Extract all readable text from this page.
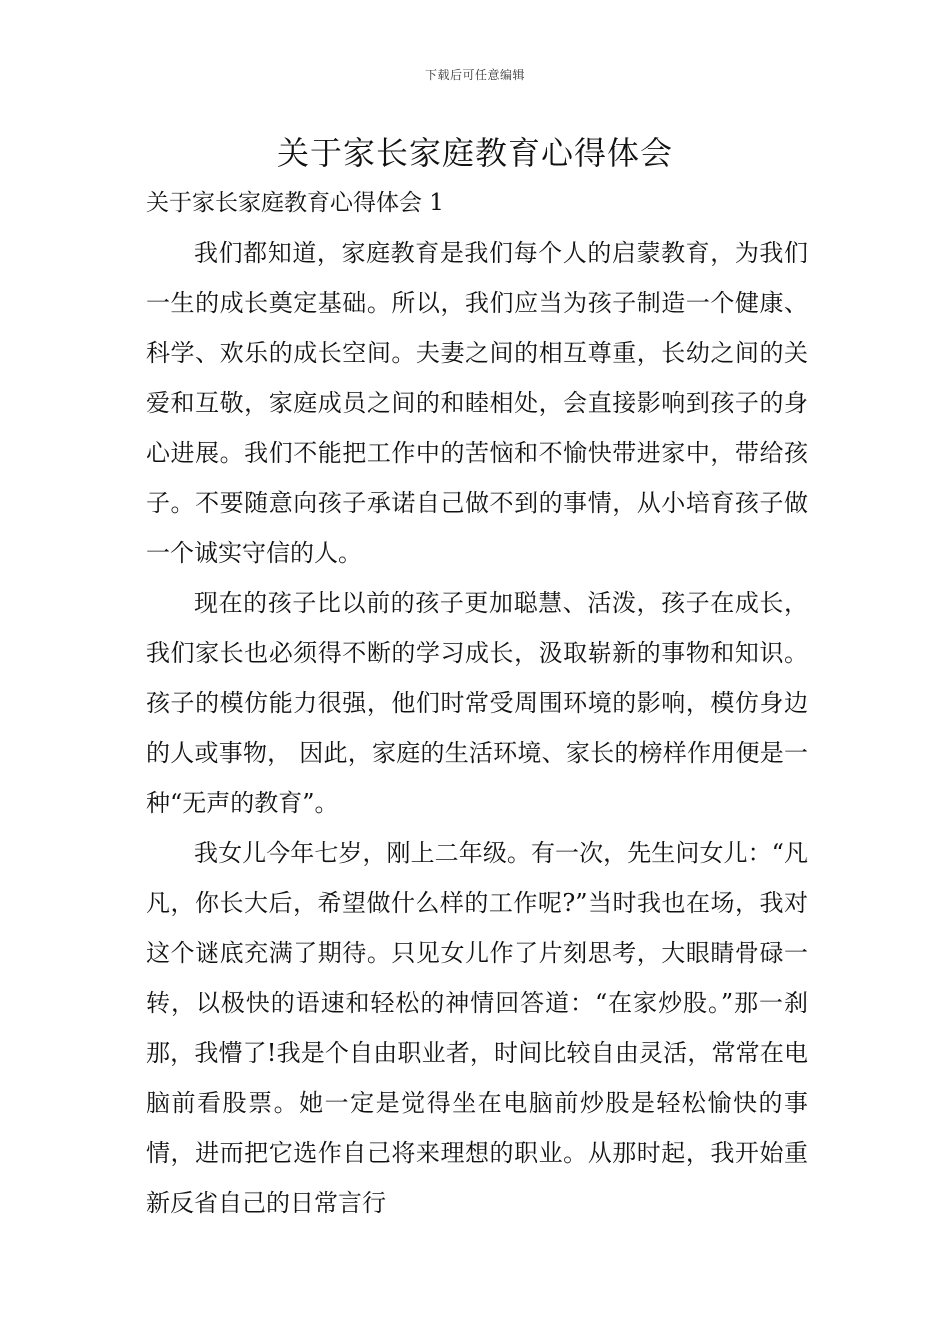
下载后可任意编辑
关于家长家庭教育心得体会
关于家长家庭教育心得体会 1

我们都知道，家庭教育是我们每个人的启蒙教育，为我们一生的成长奠定基础。所以，我们应当为孩子制造一个健康、科学、欢乐的成长空间。夫妻之间的相互尊重，长幼之间的关爱和互敬，家庭成员之间的和睦相处，会直接影响到孩子的身心进展。我们不能把工作中的苦恼和不愉快带进家中，带给孩子。不要随意向孩子承诺自己做不到的事情，从小培育孩子做一个诚实守信的人。

现在的孩子比以前的孩子更加聪慧、活泼，孩子在成长，我们家长也必须得不断的学习成长，汲取崭新的事物和知识。孩子的模仿能力很强，他们时常受周围环境的影响，模仿身边的人或事物， 因此，家庭的生活环境、家长的榜样作用便是一种“无声的教育”。

我女儿今年七岁，刚上二年级。有一次，先生问女儿：“凡凡，你长大后，希望做什么样的工作呢?”当时我也在场，我对这个谜底充满了期待。只见女儿作了片刻思考，大眼睛骨碌一转，以极快的语速和轻松的神情回答道：“在家炒股。”那一刹那，我懵了!我是个自由职业者，时间比较自由灵活，常常在电脑前看股票。她一定是觉得坐在电脑前炒股是轻松愉快的事情，进而把它选作自己将来理想的职业。从那时起，我开始重新反省自己的日常言行
